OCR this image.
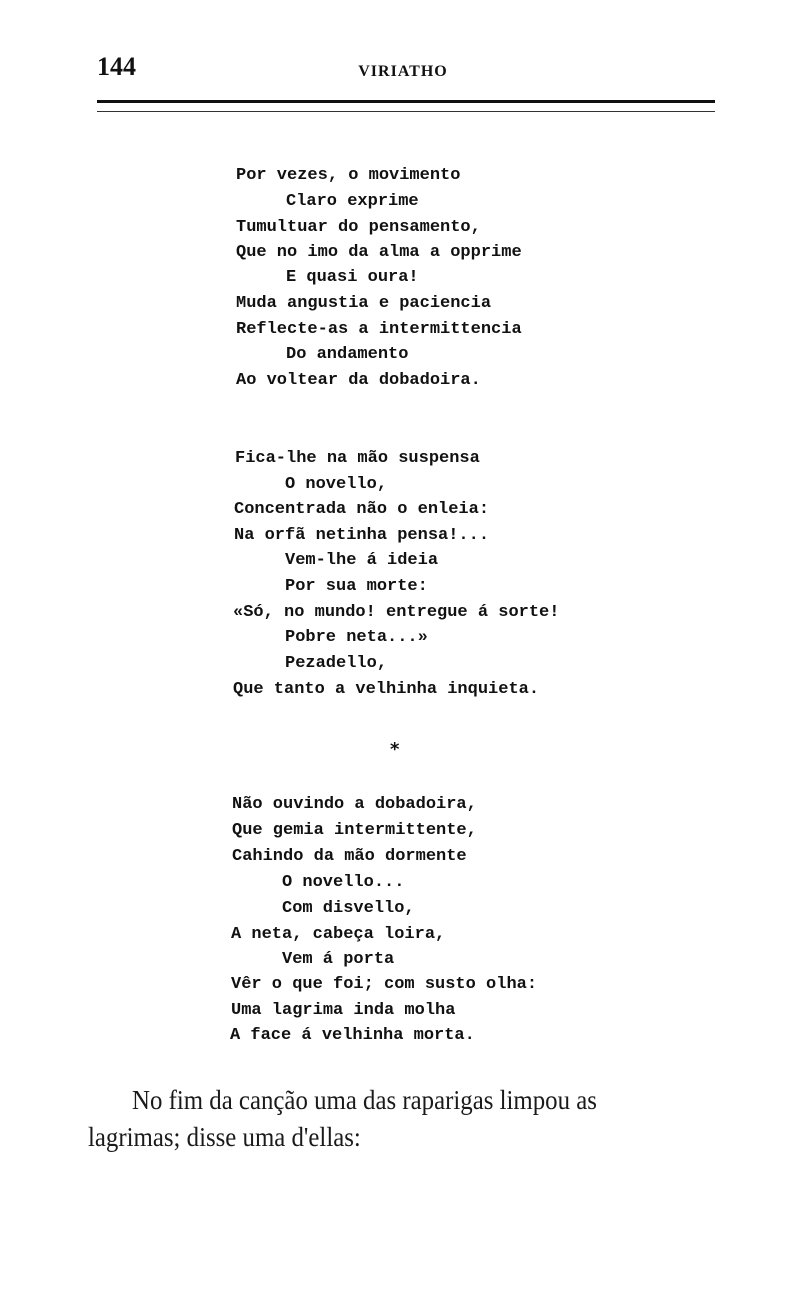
144	VIRIATHO
Por vezes, o movimento
Claro exprime
Tumultuar do pensamento,
Que no imo da alma a opprime
E quasi oura!
Muda angustia e paciencia
Reflecte-as a intermittencia
Do andamento
Ao voltear da dobadoira.
Fica-lhe na mão suspensa
O novello,
Concentrada não o enleia:
Na orfã netinha pensa!...
Vem-lhe á ideia
Por sua morte:
«Só, no mundo! entregue á sorte!
Pobre neta...»
Pezadello,
Que tanto a velhinha inquieta.
*
Não ouvindo a dobadoira,
Que gemia intermittente,
Cahindo da mão dormente
O novello...
Com disvello,
A neta, cabeça loira,
Vem á porta
Vêr o que foi; com susto olha:
Uma lagrima inda molha
A face á velhinha morta.
No fim da canção uma das raparigas limpou as
lagrimas; disse uma d'ellas:
